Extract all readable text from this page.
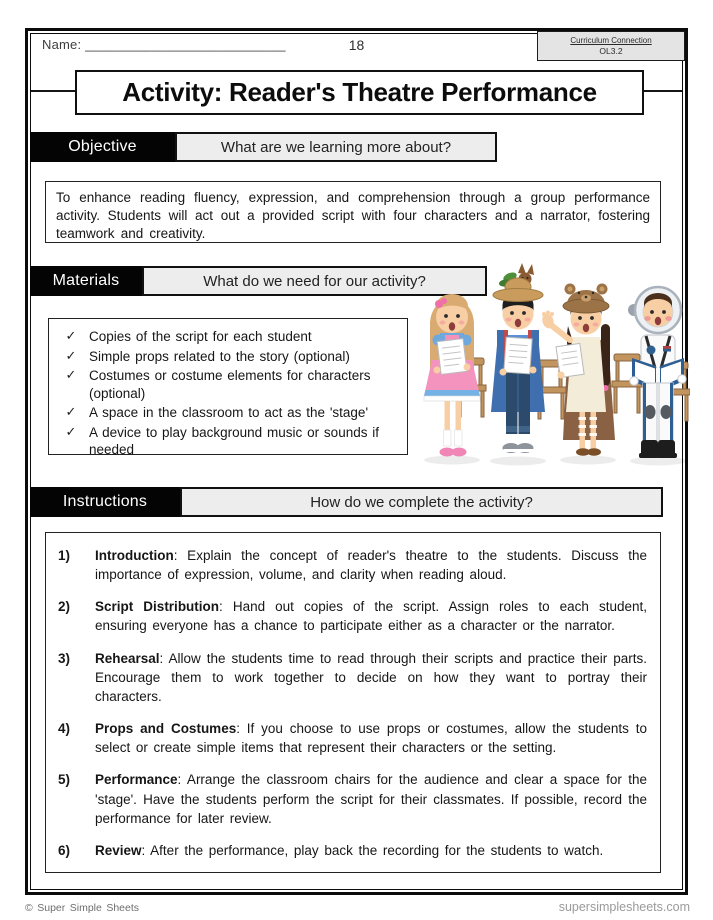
Name: ___________________________	18	Curriculum Connection
OL3.2
Activity: Reader's Theatre Performance
Objective	What are we learning more about?
To enhance reading fluency, expression, and comprehension through a group performance activity. Students will act out a provided script with four characters and a narrator, fostering teamwork and creativity.
Materials	What do we need for our activity?
✓ Copies of the script for each student
✓ Simple props related to the story (optional)
✓ Costumes or costume elements for characters (optional)
✓ A space in the classroom to act as the 'stage'
✓ A device to play background music or sounds if needed
Instructions	How do we complete the activity?
1)	Introduction: Explain the concept of reader's theatre to the students. Discuss the importance of expression, volume, and clarity when reading aloud.
2)	Script Distribution: Hand out copies of the script. Assign roles to each student, ensuring everyone has a chance to participate either as a character or the narrator.
3)	Rehearsal: Allow the students time to read through their scripts and practice their parts. Encourage them to work together to decide on how they want to portray their characters.
4)	Props and Costumes: If you choose to use props or costumes, allow the students to select or create simple items that represent their characters or the setting.
5)	Performance: Arrange the classroom chairs for the audience and clear a space for the 'stage'. Have the students perform the script for their classmates. If possible, record the performance for later review.
6)	Review: After the performance, play back the recording for the students to watch.
© Super Simple Sheets	supersimplesheets.com
